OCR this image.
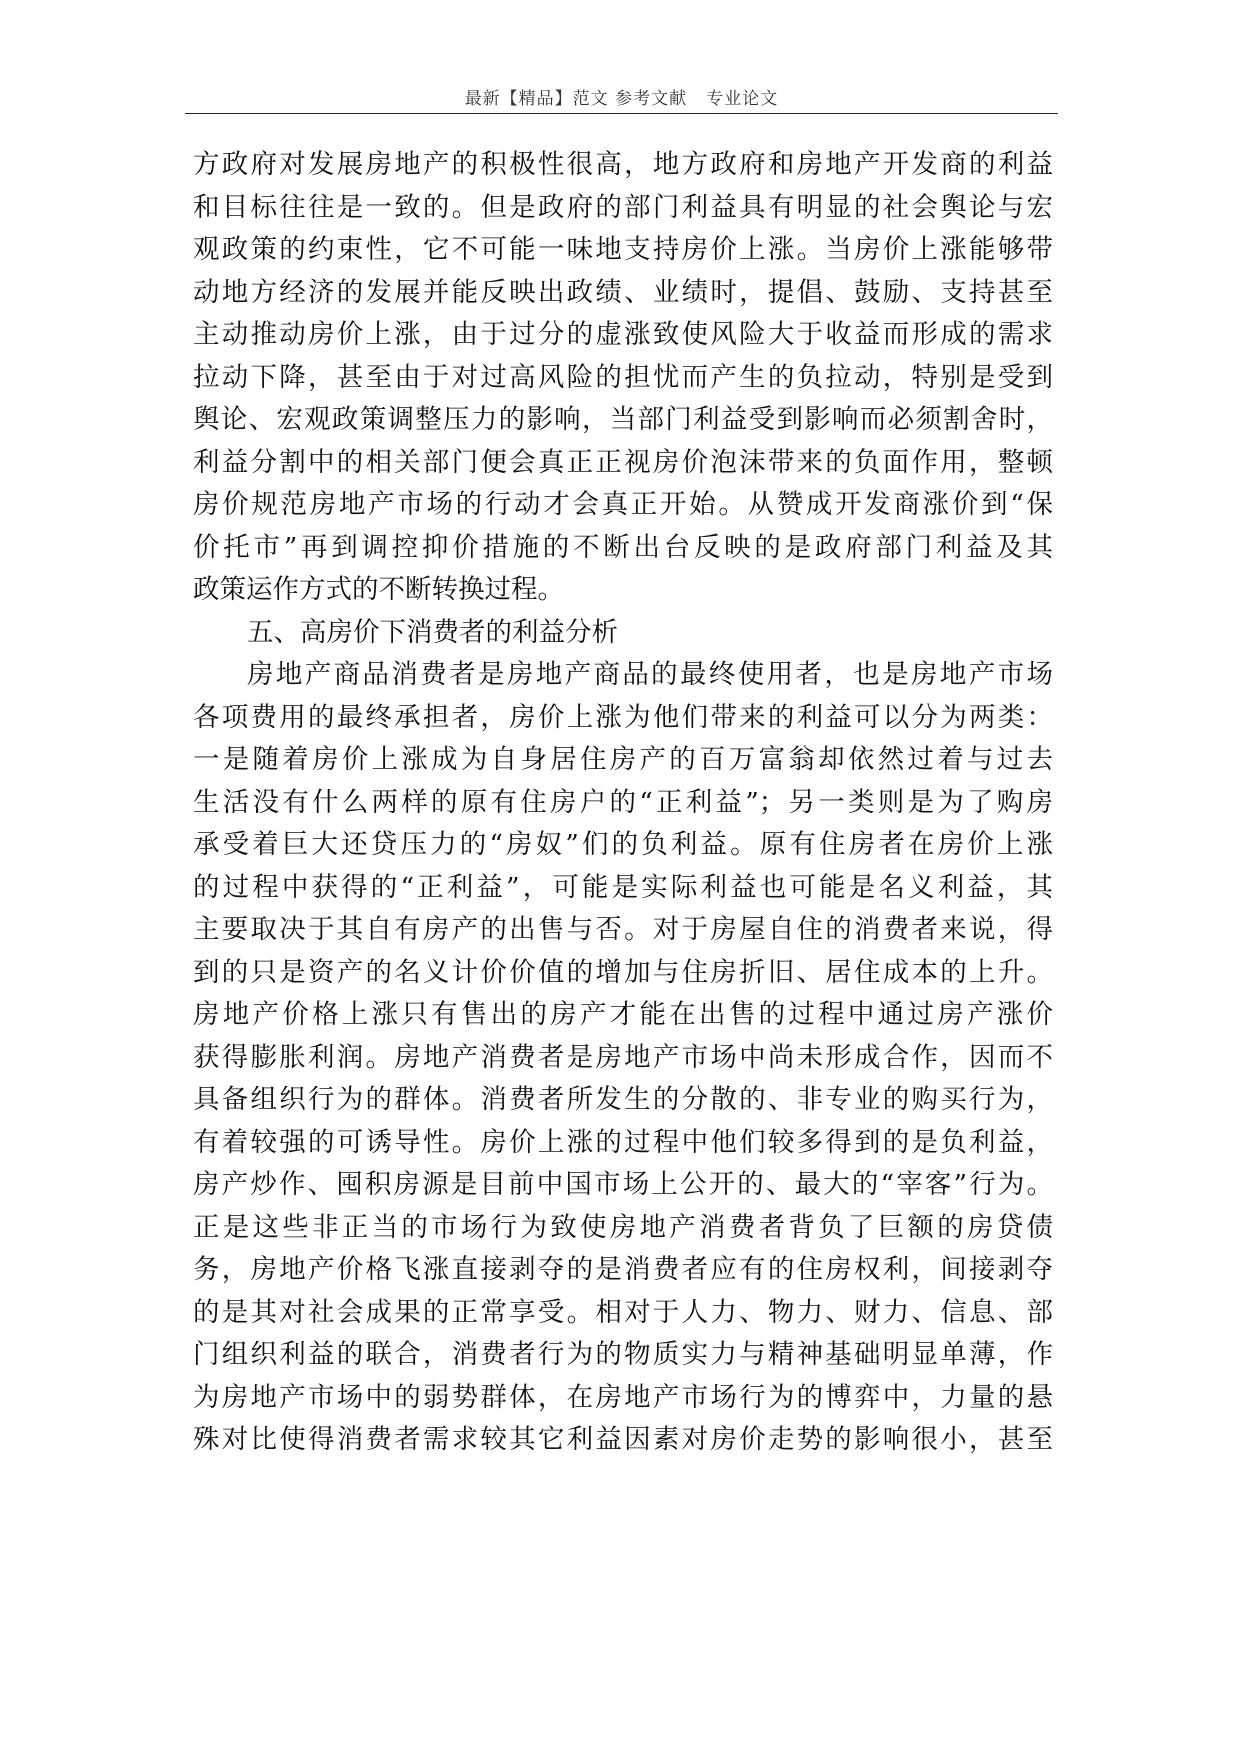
最新【精品】范文 参考文献   专业论文
方政府对发展房地产的积极性很高，地方政府和房地产开发商的利益
和目标往往是一致的。但是政府的部门利益具有明显的社会舆论与宏
观政策的约束性，它不可能一味地支持房价上涨。当房价上涨能够带
动地方经济的发展并能反映出政绩、业绩时，提倡、鼓励、支持甚至
主动推动房价上涨，由于过分的虚涨致使风险大于收益而形成的需求
拉动下降，甚至由于对过高风险的担忧而产生的负拉动，特别是受到
舆论、宏观政策调整压力的影响，当部门利益受到影响而必须割舍时，
利益分割中的相关部门便会真正正视房价泡沫带来的负面作用，整顿
房价规范房地产市场的行动才会真正开始。从赞成开发商涨价到“保
价托市”再到调控抑价措施的不断出台反映的是政府部门利益及其
政策运作方式的不断转换过程。
五、高房价下消费者的利益分析
房地产商品消费者是房地产商品的最终使用者，也是房地产市场
各项费用的最终承担者，房价上涨为他们带来的利益可以分为两类：
一是随着房价上涨成为自身居住房产的百万富翁却依然过着与过去
生活没有什么两样的原有住房户的“正利益”；另一类则是为了购房
承受着巨大还贷压力的“房奴”们的负利益。原有住房者在房价上涨
的过程中获得的“正利益”，可能是实际利益也可能是名义利益，其
主要取决于其自有房产的出售与否。对于房屋自住的消费者来说，得
到的只是资产的名义计价价值的增加与住房折旧、居住成本的上升。
房地产价格上涨只有售出的房产才能在出售的过程中通过房产涨价
获得膨胀利润。房地产消费者是房地产市场中尚未形成合作，因而不
具备组织行为的群体。消费者所发生的分散的、非专业的购买行为，
有着较强的可诱导性。房价上涨的过程中他们较多得到的是负利益，
房产炒作、囤积房源是目前中国市场上公开的、最大的“宰客”行为。
正是这些非正当的市场行为致使房地产消费者背负了巨额的房贷债
务，房地产价格飞涨直接剥夺的是消费者应有的住房权利，间接剥夺
的是其对社会成果的正常享受。相对于人力、物力、财力、信息、部
门组织利益的联合，消费者行为的物质实力与精神基础明显单薄，作
为房地产市场中的弱势群体，在房地产市场行为的博弈中，力量的悬
殊对比使得消费者需求较其它利益因素对房价走势的影响很小，甚至
